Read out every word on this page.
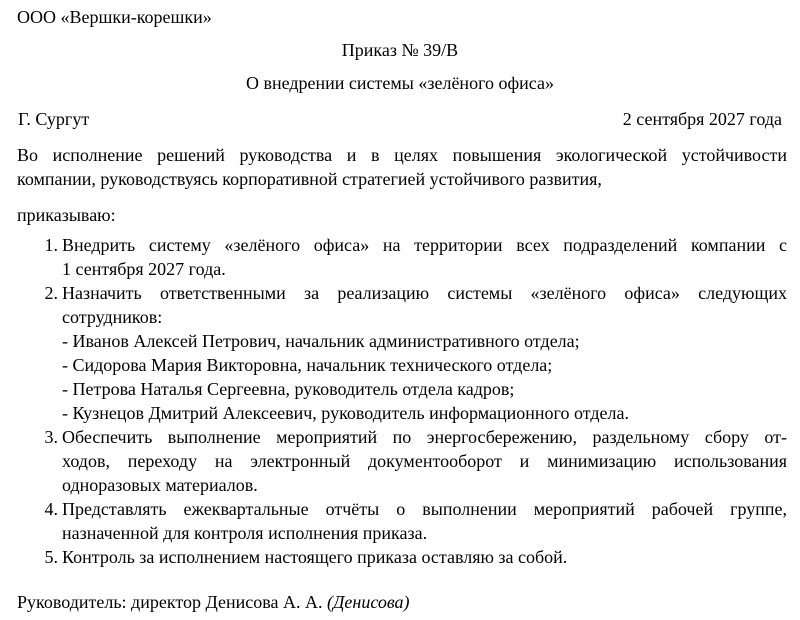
ООО «Вершки-корешки»
Приказ № 39/В
О внедрении системы «зелёного офиса»
Г. Сургут	2 сентября 2027 года
Во исполнение решений руководства и в целях повышения экологической устойчивости
компании, руководствуясь корпоративной стратегией устойчивого развития,
приказываю:
1. Внедрить систему «зелёного офиса» на территории всех подразделений компании с
1 сентября 2027 года.
2. Назначить ответственными за реализацию системы «зелёного офиса» следующих
сотрудников:
- Иванов Алексей Петрович, начальник административного отдела;
- Сидорова Мария Викторовна, начальник технического отдела;
- Петрова Наталья Сергеевна, руководитель отдела кадров;
- Кузнецов Дмитрий Алексеевич, руководитель информационного отдела.
3. Обеспечить выполнение мероприятий по энергосбережению, раздельному сбору от-
ходов, переходу на электронный документооборот и минимизацию использования
одноразовых материалов.
4. Представлять ежеквартальные отчёты о выполнении мероприятий рабочей группе,
назначенной для контроля исполнения приказа.
5. Контроль за исполнением настоящего приказа оставляю за собой.
Руководитель: директор Денисова А. А. (Денисова)
